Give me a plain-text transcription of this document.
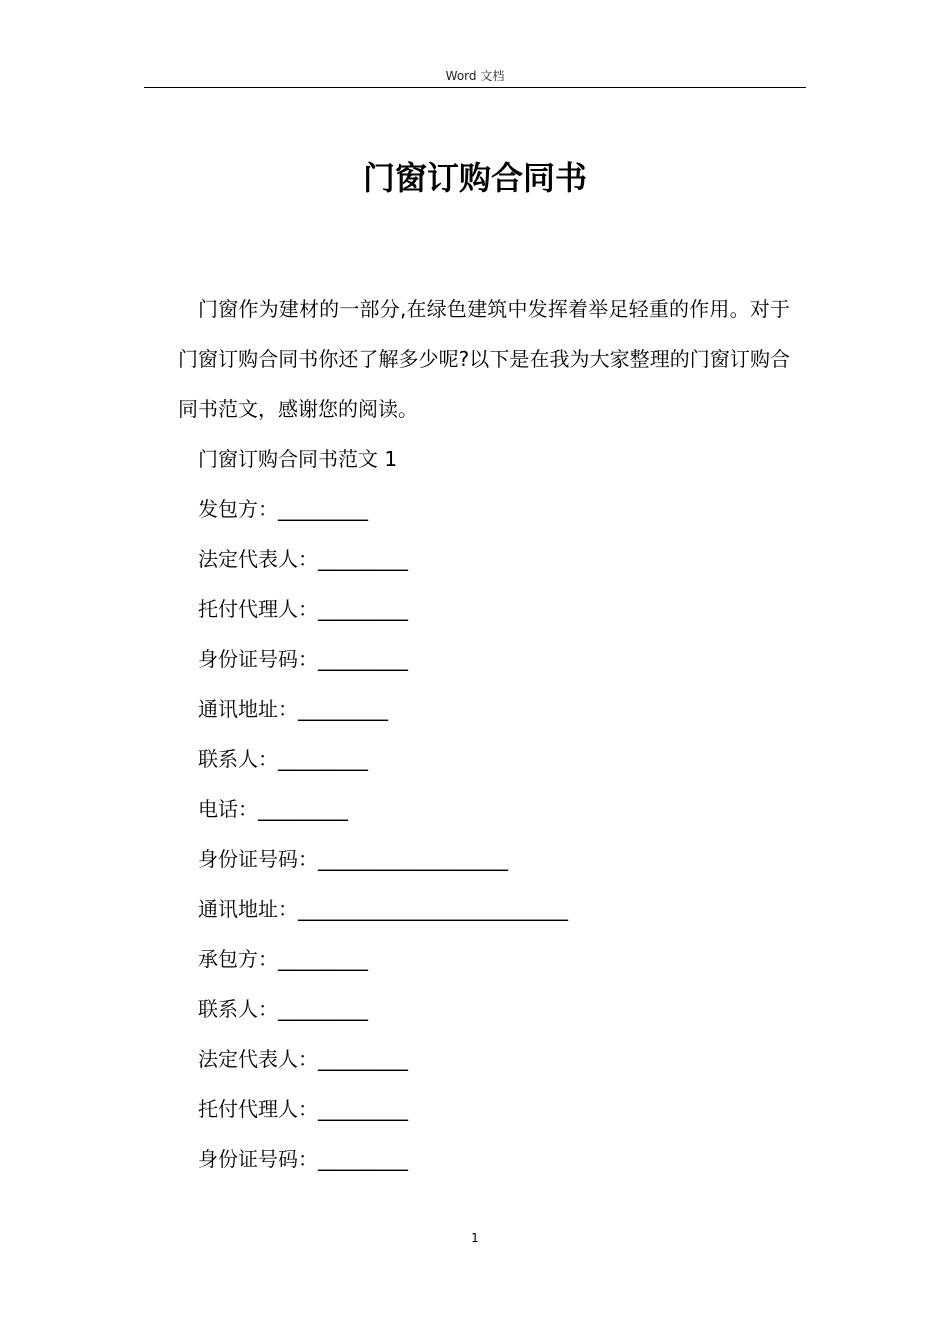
Word 文档
门窗订购合同书

门窗作为建材的一部分,在绿色建筑中发挥着举足轻重的作用。对于门窗订购合同书你还了解多少呢?以下是在我为大家整理的门窗订购合同书范文，感谢您的阅读。

门窗订购合同书范文 1
发包方：_________
法定代表人：_________
托付代理人：_________
身份证号码：_________
通讯地址：_________
联系人：_________
电话：_________
身份证号码：___________________
通讯地址：___________________________
承包方：_________
联系人：_________
法定代表人：_________
托付代理人：_________
身份证号码：_________
1
